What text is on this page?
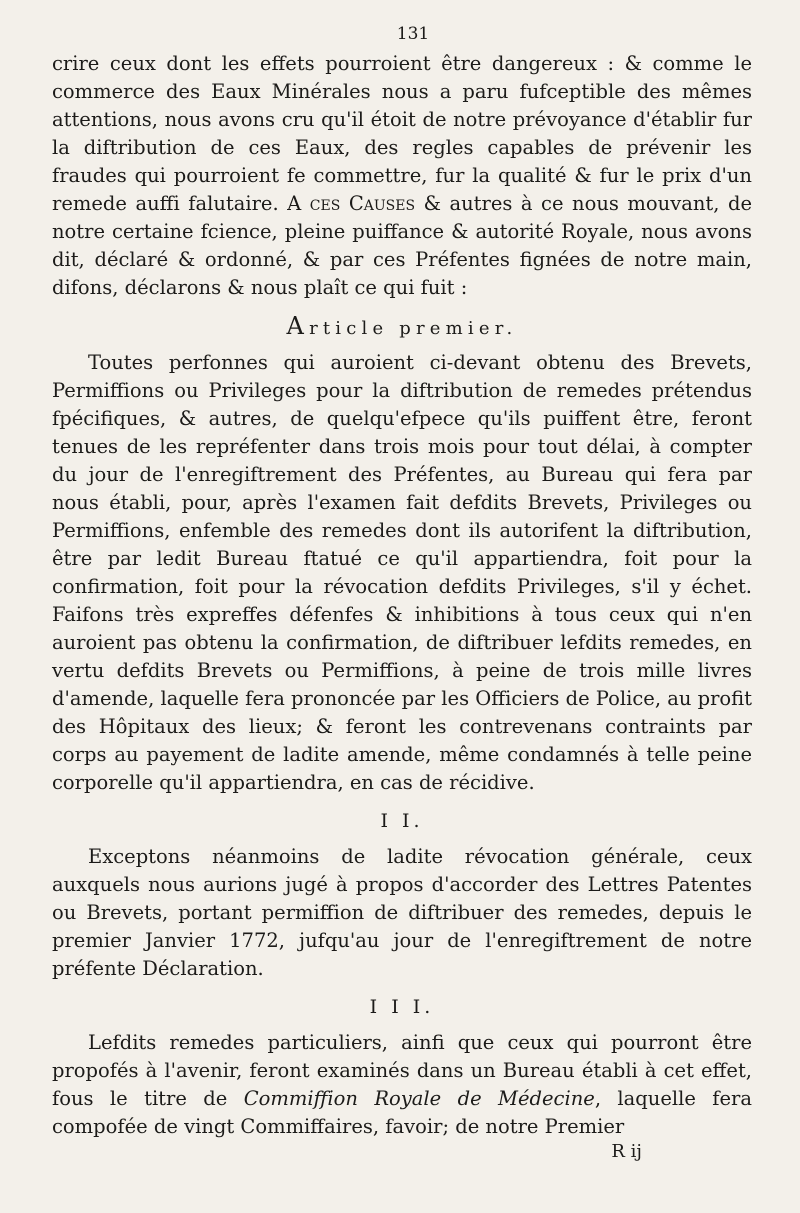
131

crire ceux dont les effets pourroient être dangereux : & comme le commerce des Eaux Minérales nous a paru fufceptible des mêmes attentions, nous avons cru qu'il étoit de notre prévoyance d'établir fur la diftribution de ces Eaux, des regles capables de prévenir les fraudes qui pourroient fe commettre, fur la qualité & fur le prix d'un remede auffi falutaire. A ces Causes & autres à ce nous mouvant, de notre certaine fcience, pleine puiffance & autorité Royale, nous avons dit, déclaré & ordonné, & par ces Préfentes fignées de notre main, difons, déclarons & nous plaît ce qui fuit :

Article premier.

Toutes perfonnes qui auroient ci-devant obtenu des Brevets, Permiffions ou Privileges pour la diftribution de remedes prétendus fpécifiques, & autres, de quelqu'efpece qu'ils puiffent être, feront tenues de les repréfenter dans trois mois pour tout délai, à compter du jour de l'enregiftrement des Préfentes, au Bureau qui fera par nous établi, pour, après l'examen fait defdits Brevets, Privileges ou Permiffions, enfemble des remedes dont ils autorifent la diftribution, être par ledit Bureau ftatué ce qu'il appartiendra, foit pour la confirmation, foit pour la révocation defdits Privileges, s'il y échet. Faifons très expreffes défenfes & inhibitions à tous ceux qui n'en auroient pas obtenu la confirmation, de diftribuer lefdits remedes, en vertu defdits Brevets ou Permiffions, à peine de trois mille livres d'amende, laquelle fera prononcée par les Officiers de Police, au profit des Hôpitaux des lieux; & feront les contrevenans contraints par corps au payement de ladite amende, même condamnés à telle peine corporelle qu'il appartiendra, en cas de récidive.

I I.

Exceptons néanmoins de ladite révocation générale, ceux auxquels nous aurions jugé à propos d'accorder des Lettres Patentes ou Brevets, portant permiffion de diftribuer des remedes, depuis le premier Janvier 1772, jufqu'au jour de l'enregiftrement de notre préfente Déclaration.

I I I.

Lefdits remedes particuliers, ainfi que ceux qui pourront être propofés à l'avenir, feront examinés dans un Bureau établi à cet effet, fous le titre de Commiffion Royale de Médecine, laquelle fera compofée de vingt Commiffaires, favoir; de notre Premier

R ij
